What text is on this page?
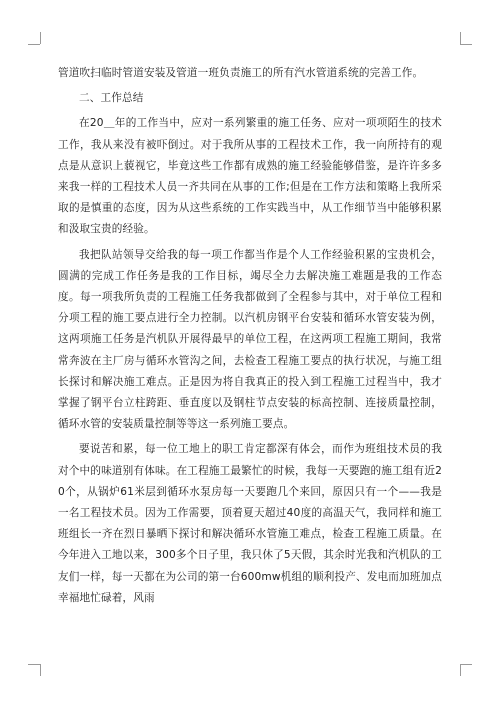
管道吹扫临时管道安装及管道一班负责施工的所有汽水管道系统的完善工作。

二、工作总结

在20＿年的工作当中，应对一系列繁重的施工任务、应对一项项陌生的技术工作，我从来没有被吓倒过。对于我所从事的工程技术工作，我一向所持有的观点是从意识上藐视它，毕竟这些工作都有成熟的施工经验能够借鉴，是许许多多来我一样的工程技术人员一齐共同在从事的工作;但是在工作方法和策略上我所采取的是慎重的态度，因为从这些系统的工作实践当中，从工作细节当中能够积累和汲取宝贵的经验。

我把队站领导交给我的每一项工作都当作是个人工作经验积累的宝贵机会，圆满的完成工作任务是我的工作目标，竭尽全力去解决施工难题是我的工作态度。每一项我所负责的工程施工任务我都做到了全程参与其中，对于单位工程和分项工程的施工要点进行全力控制。以汽机房钢平台安装和循环水管安装为例，这两项施工任务是汽机队开展得最早的单位工程，在这两项工程施工期间，我常常奔波在主厂房与循环水管沟之间，去检查工程施工要点的执行状况，与施工组长探讨和解决施工难点。正是因为将自我真正的投入到工程施工过程当中，我才掌握了钢平台立柱跨距、垂直度以及钢柱节点安装的标高控制、连接质量控制，循环水管的安装质量控制等等这一系列施工要点。

要说苦和累，每一位工地上的职工肯定都深有体会，而作为班组技术员的我对个中的味道别有体味。在工程施工最繁忙的时候，我每一天要跑的施工组有近20个，从锅炉61米层到循环水泵房每一天要跑几个来回，原因只有一个——我是一名工程技术员。因为工作需要，顶着夏天超过40度的高温天气，我同样和施工班组长一齐在烈日暴晒下探讨和解决循环水管施工难点，检查工程施工质量。在今年进入工地以来，300多个日子里，我只休了5天假，其余时光我和汽机队的工友们一样，每一天都在为公司的第一台600mw机组的顺利投产、发电而加班加点幸福地忙碌着，风雨
